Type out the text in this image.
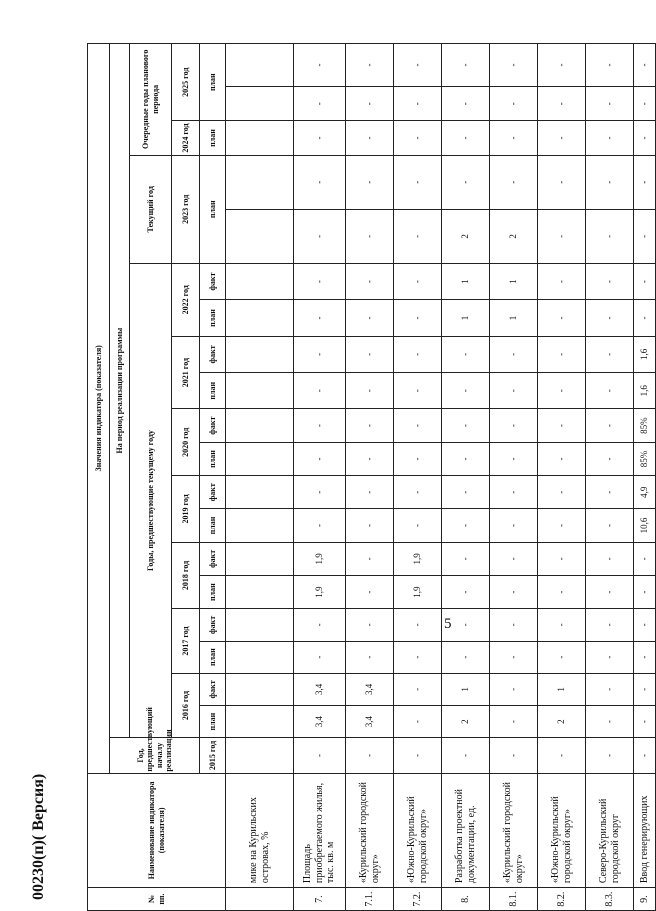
№ пп.	Наименование индикатора (показателя)	Значения индикатора (показателя)																			
		Год, предшествующий началу реализации	На период реализации программы																		
			Годы, предшествующие текущему году														Текущий год		Очередные годы планового периода		
			2016 год		2017 год		2018 год		2019 год		2020 год		2021 год		2022 год		2023 год		2024 год	2025 год	
		2015 год	план	факт	план	факт	план	факт	план	факт	план	факт	план	факт	план	факт	план		план	план	
	мике на Курильских островах, %																				
7.	Площадь приобретаемого жилья, тыс. кв. м	-	3,4	3,4	-	-	1,9	1,9	-	-	-	-	-	-	-	-	-	-	-	-	-
7.1.	«Курильский городской округ»	-	3,4	3,4	-	-	-	-	-	-	-	-	-	-	-	-	-	-	-	-	-
7.2.	«Южно-Курильский городской округ»	-	-	-	-	-	1,9	1,9	-	-	-	-	-	-	-	-	-	-	-	-	-
8.	Разработка проектной документации, ед.	-	2	1	-	-	-	-	-	-	-	-	-	-	1	1	2	-	-	-	-
8.1.	«Курильский городской округ»	-	-	-	-	-	-	-	-	-	-	-	-	-	1	1	2	-	-	-	-
8.2.	«Южно-Курильский городской округ»	-	2	1	-	-	-	-	-	-	-	-	-	-	-	-	-	-	-	-	-
8.3.	Северо-Курильский городской округ	-	-	-	-	-	-	-	-	-	-	-	-	-	-	-	-	-	-	-	-
9.	Ввод генерирующих	-	-	-	-	-	-	-	10,6	4,9	85%	85%	1,6	1,6	-	-	-	-	-	-	-
5
00230(п)( Версия)
